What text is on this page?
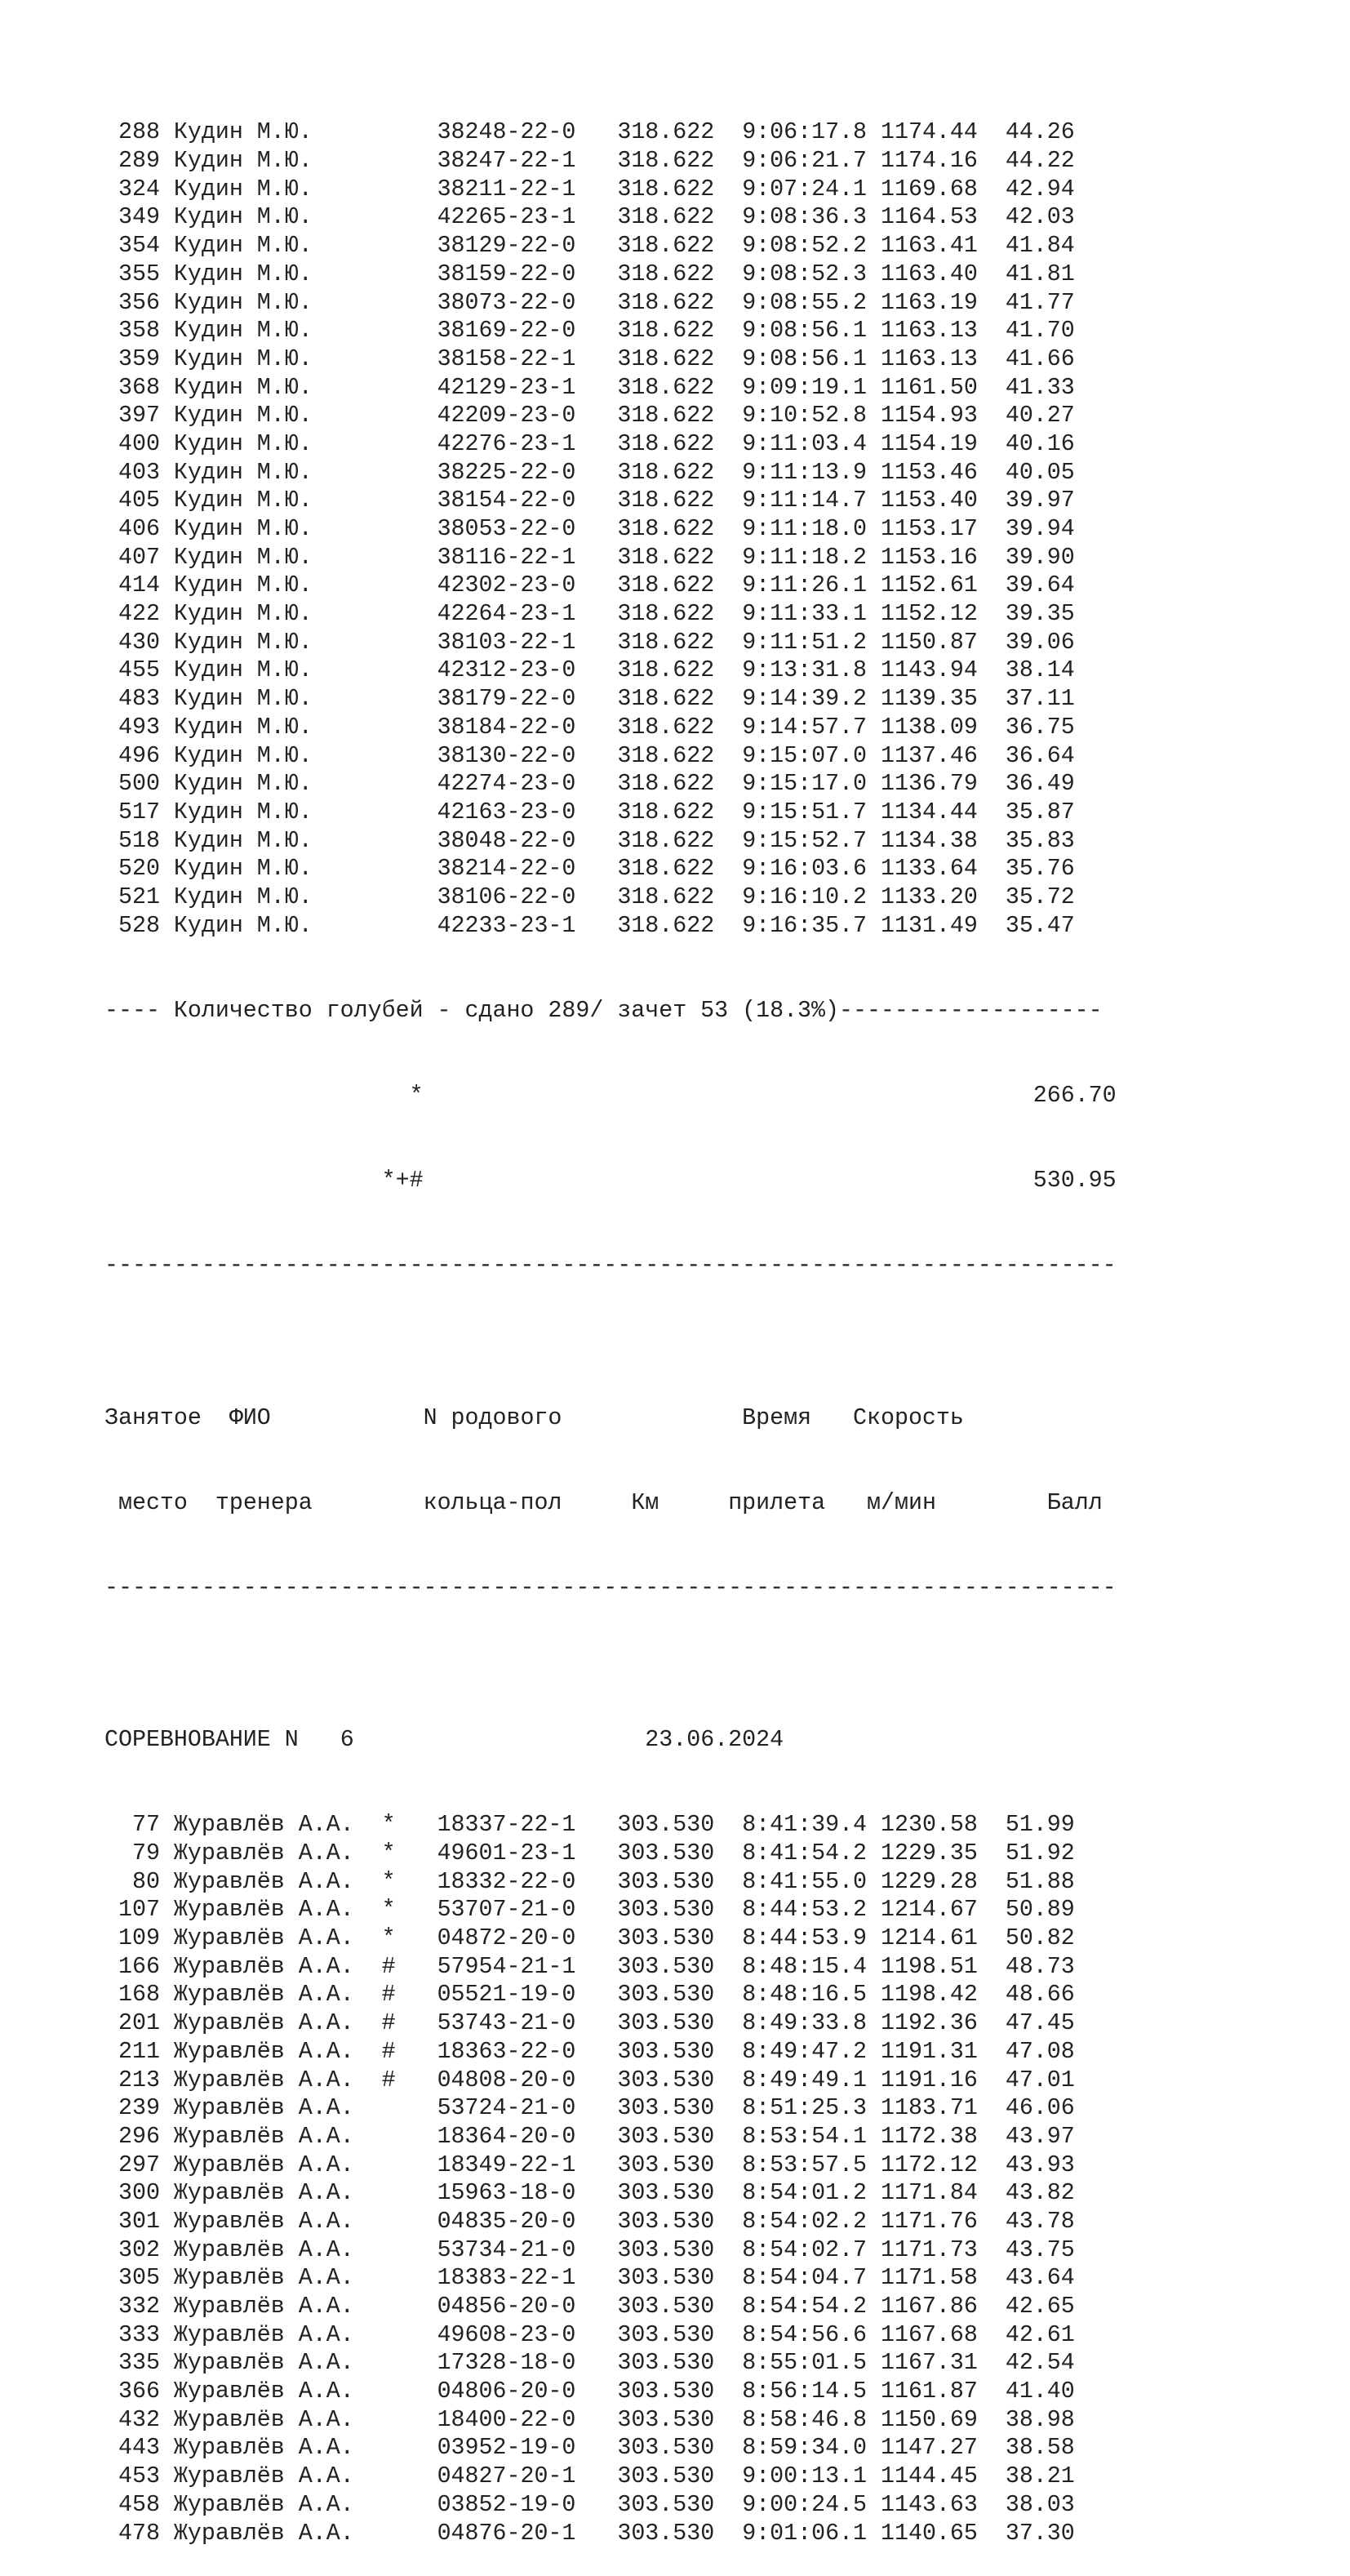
288 Кудин М.Ю.	38248-22-0 318.622 9:06:17.8 1174.44 44.26
289 Кудин М.Ю.	38247-22-1 318.622 9:06:21.7 1174.16 44.22
324 Кудин М.Ю.	38211-22-1 318.622 9:07:24.1 1169.68 42.94
349 Кудин М.Ю.	42265-23-1 318.622 9:08:36.3 1164.53 42.03
354 Кудин М.Ю.	38129-22-0 318.622 9:08:52.2 1163.41 41.84
355 Кудин М.Ю.	38159-22-0 318.622 9:08:52.3 1163.40 41.81
356 Кудин М.Ю.	38073-22-0 318.622 9:08:55.2 1163.19 41.77
358 Кудин М.Ю.	38169-22-0 318.622 9:08:56.1 1163.13 41.70
359 Кудин М.Ю.	38158-22-1 318.622 9:08:56.1 1163.13 41.66
368 Кудин М.Ю.	42129-23-1 318.622 9:09:19.1 1161.50 41.33
397 Кудин М.Ю.	42209-23-0 318.622 9:10:52.8 1154.93 40.27
400 Кудин М.Ю.	42276-23-1 318.622 9:11:03.4 1154.19 40.16
403 Кудин М.Ю.	38225-22-0 318.622 9:11:13.9 1153.46 40.05
405 Кудин М.Ю.	38154-22-0 318.622 9:11:14.7 1153.40 39.97
406 Кудин М.Ю.	38053-22-0 318.622 9:11:18.0 1153.17 39.94
407 Кудин М.Ю.	38116-22-1 318.622 9:11:18.2 1153.16 39.90
414 Кудин М.Ю.	42302-23-0 318.622 9:11:26.1 1152.61 39.64
422 Кудин М.Ю.	42264-23-1 318.622 9:11:33.1 1152.12 39.35
430 Кудин М.Ю.	38103-22-1 318.622 9:11:51.2 1150.87 39.06
455 Кудин М.Ю.	42312-23-0 318.622 9:13:31.8 1143.94 38.14
483 Кудин М.Ю.	38179-22-0 318.622 9:14:39.2 1139.35 37.11
493 Кудин М.Ю.	38184-22-0 318.622 9:14:57.7 1138.09 36.75
496 Кудин М.Ю.	38130-22-0 318.622 9:15:07.0 1137.46 36.64
500 Кудин М.Ю.	42274-23-0 318.622 9:15:17.0 1136.79 36.49
517 Кудин М.Ю.	42163-23-0 318.622 9:15:51.7 1134.44 35.87
518 Кудин М.Ю.	38048-22-0 318.622 9:15:52.7 1134.38 35.83
520 Кудин М.Ю.	38214-22-0 318.622 9:16:03.6 1133.64 35.76
521 Кудин М.Ю.	38106-22-0 318.622 9:16:10.2 1133.20 35.72
528 Кудин М.Ю.	42233-23-1 318.622 9:16:35.7 1131.49 35.47

---- Количество голубей - сдано 289/ зачет 53 (18.3%)-------------------

*	266.70

*+#	530.95

-------------------------------------------------------------------------

Занятое ФИО	N родового	Время Скорость

место тренера	кольца-пол	Км	прилета м/мин	Балл

-------------------------------------------------------------------------

СОРЕВНОВАНИЕ N 6	23.06.2024

77 Журавлёв А.А.  *   18337-22-1 303.530 8:41:39.4 1230.58 51.99
79 Журавлёв А.А.  *   49601-23-1 303.530 8:41:54.2 1229.35 51.92
80 Журавлёв А.А.  *   18332-22-0 303.530 8:41:55.0 1229.28 51.88
107 Журавлёв А.А.  *   53707-21-0 303.530 8:44:53.2 1214.67 50.89
109 Журавлёв А.А.  *   04872-20-0 303.530 8:44:53.9 1214.61 50.82
166 Журавлёв А.А.  #   57954-21-1 303.530 8:48:15.4 1198.51 48.73
168 Журавлёв А.А.  #   05521-19-0 303.530 8:48:16.5 1198.42 48.66
201 Журавлёв А.А.  #   53743-21-0 303.530 8:49:33.8 1192.36 47.45
211 Журавлёв А.А.  #   18363-22-0 303.530 8:49:47.2 1191.31 47.08
213 Журавлёв А.А.  #   04808-20-0 303.530 8:49:49.1 1191.16 47.01
239 Журавлёв А.А.	53724-21-0 303.530 8:51:25.3 1183.71 46.06
296 Журавлёв А.А.	18364-20-0 303.530 8:53:54.1 1172.38 43.97
297 Журавлёв А.А.	18349-22-1 303.530 8:53:57.5 1172.12 43.93
300 Журавлёв А.А.	15963-18-0 303.530 8:54:01.2 1171.84 43.82
301 Журавлёв А.А.	04835-20-0 303.530 8:54:02.2 1171.76 43.78
302 Журавлёв А.А.	53734-21-0 303.530 8:54:02.7 1171.73 43.75
305 Журавлёв А.А.	18383-22-1 303.530 8:54:04.7 1171.58 43.64
332 Журавлёв А.А.	04856-20-0 303.530 8:54:54.2 1167.86 42.65
333 Журавлёв А.А.	49608-23-0 303.530 8:54:56.6 1167.68 42.61
335 Журавлёв А.А.	17328-18-0 303.530 8:55:01.5 1167.31 42.54
366 Журавлёв А.А.	04806-20-0 303.530 8:56:14.5 1161.87 41.40
432 Журавлёв А.А.	18400-22-0 303.530 8:58:46.8 1150.69 38.98
443 Журавлёв А.А.	03952-19-0 303.530 8:59:34.0 1147.27 38.58
453 Журавлёв А.А.	04827-20-1 303.530 9:00:13.1 1144.45 38.21
458 Журавлёв А.А.	03852-19-0 303.530 9:00:24.5 1143.63 38.03
478 Журавлёв А.А.	04876-20-1 303.530 9:01:06.1 1140.65 37.30
